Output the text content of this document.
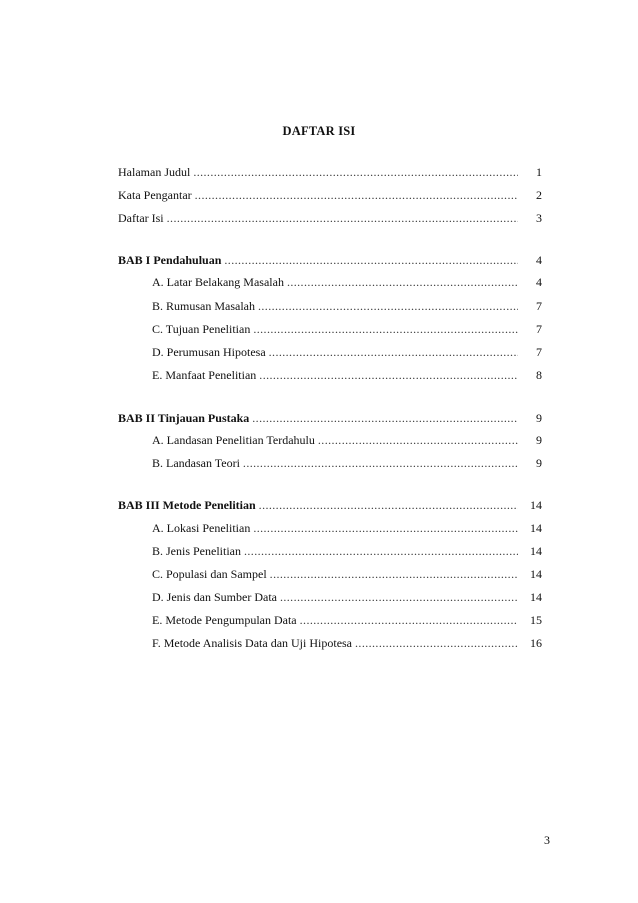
DAFTAR ISI
Halaman Judul .....	1
Kata Pengantar .....	2
Daftar Isi .....	3
BAB I Pendahuluan .....	4
A. Latar Belakang Masalah .....	4
B. Rumusan Masalah .....	7
C. Tujuan Penelitian .....	7
D. Perumusan Hipotesa .....	7
E. Manfaat Penelitian .....	8
BAB II Tinjauan Pustaka .....	9
A. Landasan Penelitian Terdahulu .....	9
B. Landasan Teori .....	9
BAB III Metode Penelitian .....	14
A. Lokasi Penelitian .....	14
B. Jenis Penelitian .....	14
C. Populasi dan Sampel .....	14
D. Jenis dan Sumber Data .....	14
E. Metode Pengumpulan Data .....	15
F. Metode Analisis Data dan Uji Hipotesa .....	16
3
